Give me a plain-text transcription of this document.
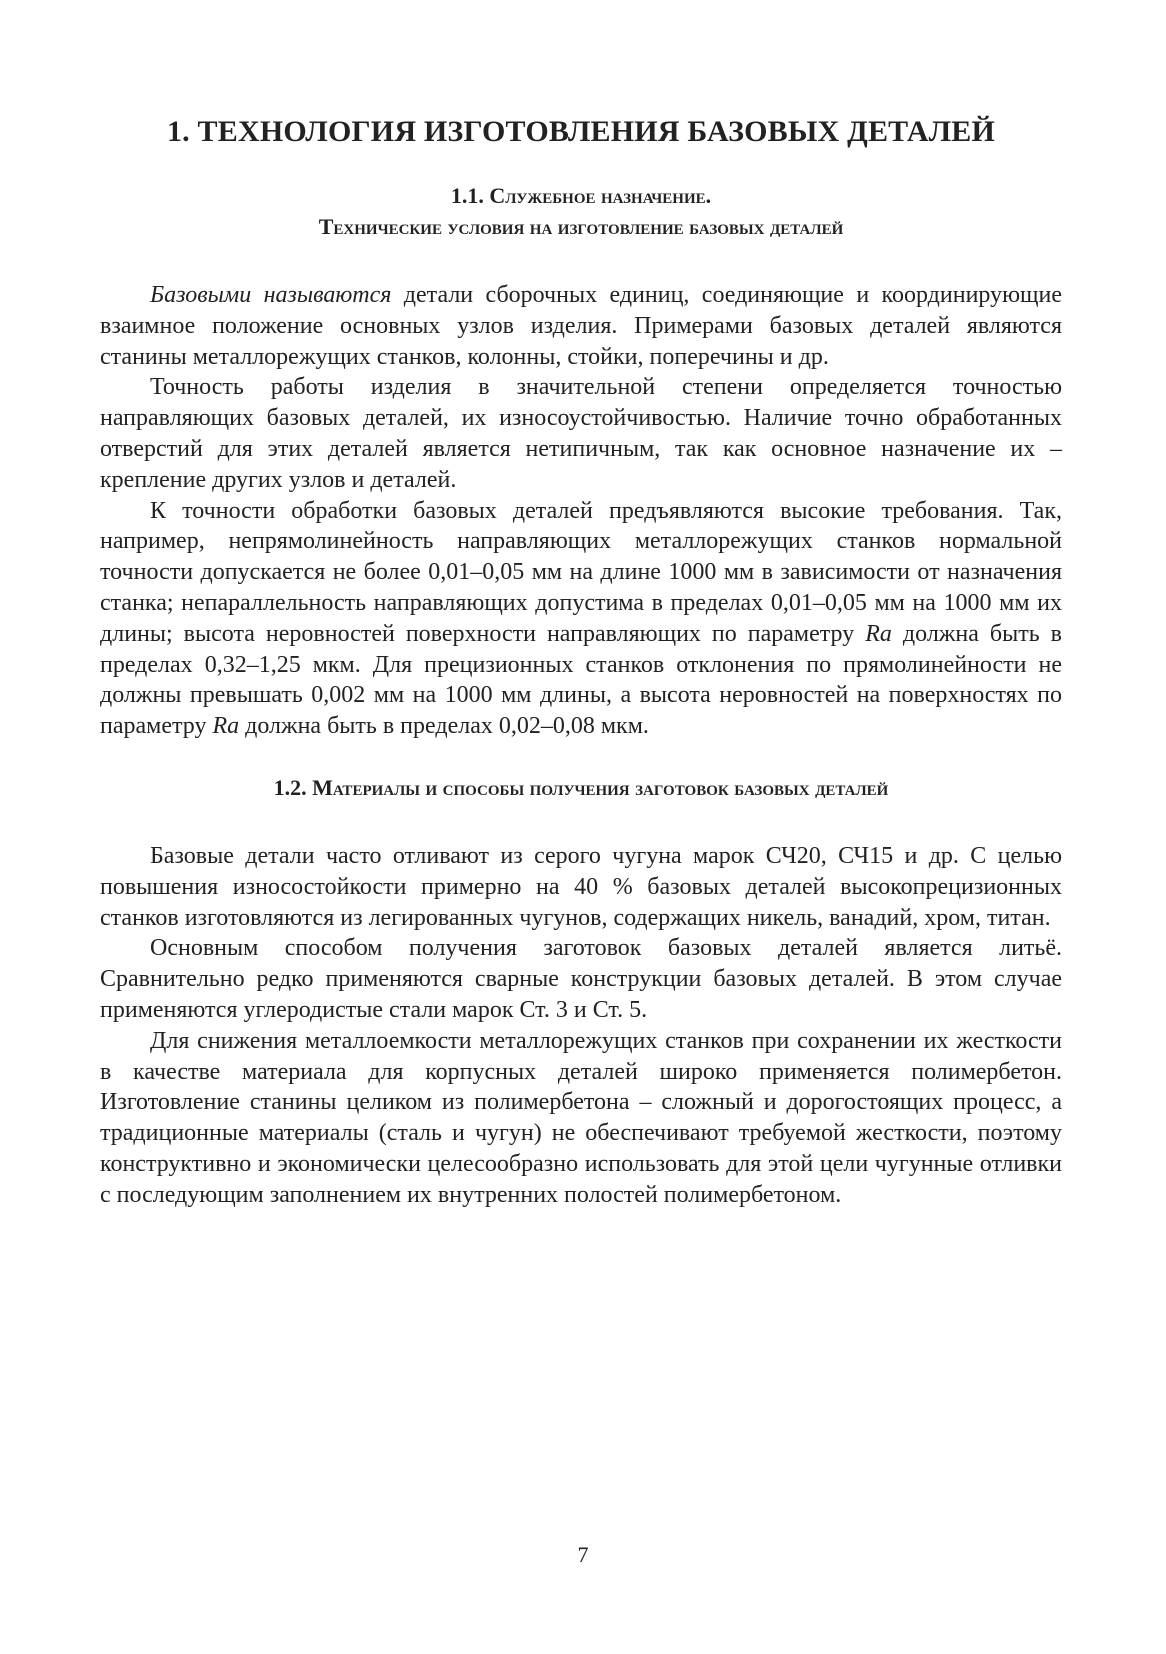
1. ТЕХНОЛОГИЯ ИЗГОТОВЛЕНИЯ БАЗОВЫХ ДЕТАЛЕЙ
1.1. Служебное назначение.
Технические условия на изготовление базовых деталей

Базовыми называются детали сборочных единиц, соединяющие и координирующие взаимное положение основных узлов изделия. Примерами базовых деталей являются станины металлорежущих станков, колонны, стойки, поперечины и др.

Точность работы изделия в значительной степени определяется точностью направляющих базовых деталей, их износоустойчивостью. Наличие точно обработанных отверстий для этих деталей является нетипичным, так как основное назначение их – крепление других узлов и деталей.

К точности обработки базовых деталей предъявляются высокие требования. Так, например, непрямолинейность направляющих металлорежущих станков нормальной точности допускается не более 0,01–0,05 мм на длине 1000 мм в зависимости от назначения станка; непараллельность направляющих допустима в пределах 0,01–0,05 мм на 1000 мм их длины; высота неровностей поверхности направляющих по параметру Ra должна быть в пределах 0,32–1,25 мкм. Для прецизионных станков отклонения по прямолинейности не должны превышать 0,002 мм на 1000 мм длины, а высота неровностей на поверхностях по параметру Ra должна быть в пределах 0,02–0,08 мкм.

1.2. Материалы и способы получения заготовок базовых деталей

Базовые детали часто отливают из серого чугуна марок СЧ20, СЧ15 и др. С целью повышения износостойкости примерно на 40 % базовых деталей высокопрецизионных станков изготовляются из легированных чугунов, содержащих никель, ванадий, хром, титан.

Основным способом получения заготовок базовых деталей является литьё. Сравнительно редко применяются сварные конструкции базовых деталей. В этом случае применяются углеродистые стали марок Ст. 3 и Ст. 5.

Для снижения металлоемкости металлорежущих станков при сохранении их жесткости в качестве материала для корпусных деталей широко применяется полимербетон. Изготовление станины целиком из полимербетона – сложный и дорогостоящих процесс, а традиционные материалы (сталь и чугун) не обеспечивают требуемой жесткости, поэтому конструктивно и экономически целесообразно использовать для этой цели чугунные отливки с последующим заполнением их внутренних полостей полимербетоном.

7
